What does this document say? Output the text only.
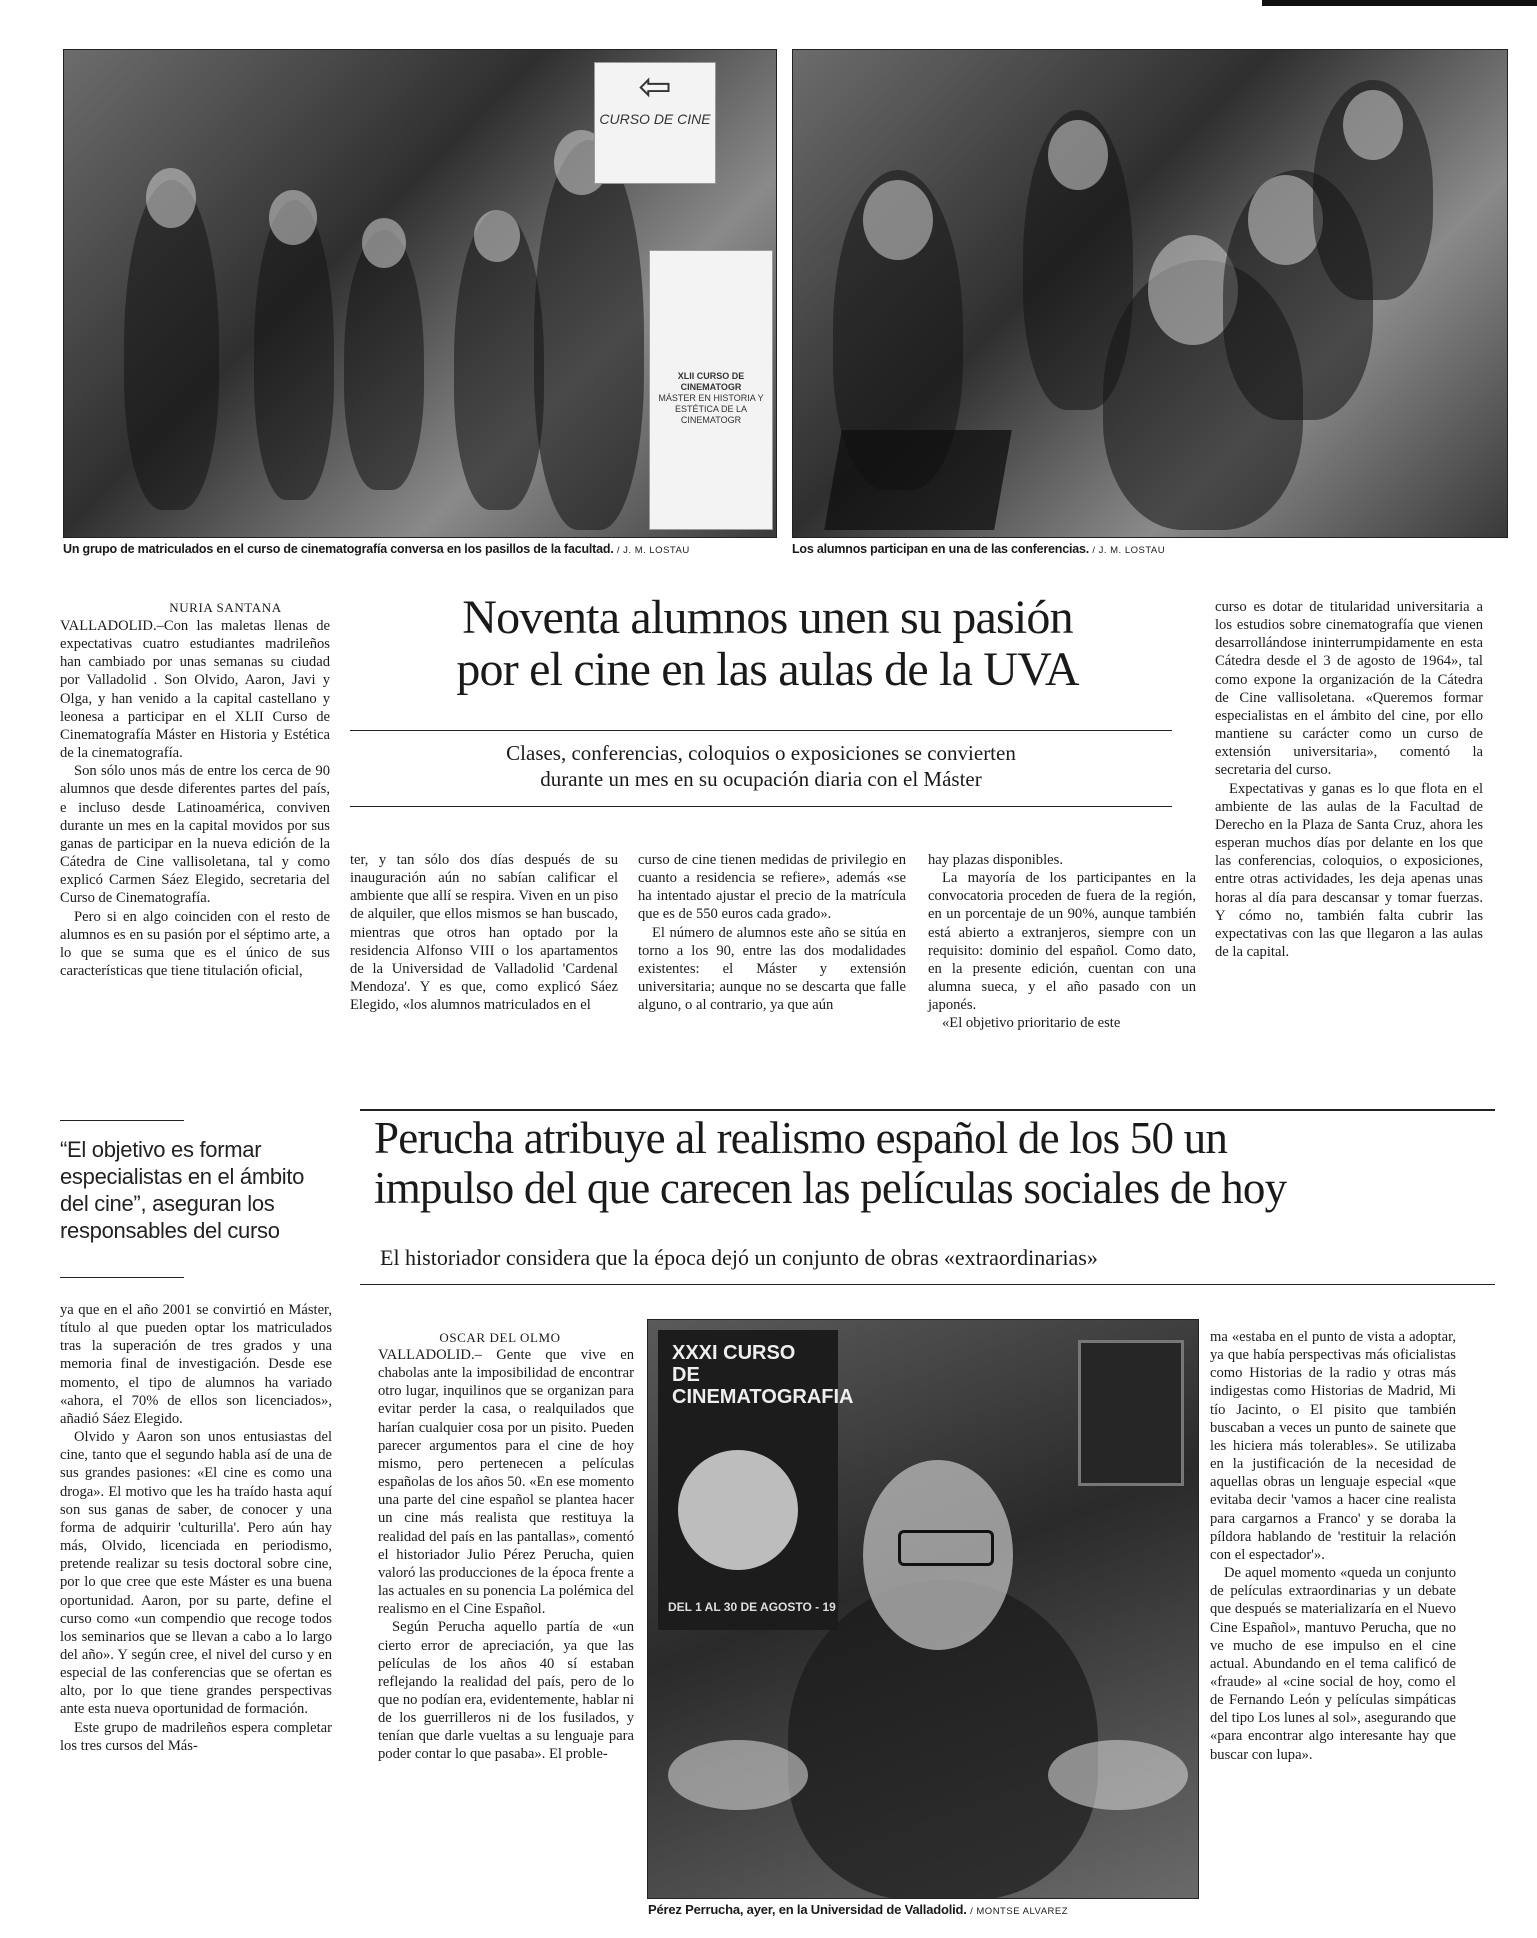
⇦
CURSO DE CINE
XLII CURSO DE CINEMATOGR
MÁSTER EN HISTORIA Y ESTÉTICA DE LA CINEMATOGR
Un grupo de matriculados en el curso de cinematografía conversa en los pasillos de la facultad. / J. M. LOSTAU	Los alumnos participan en una de las conferencias. / J. M. LOSTAU
NURIA SANTANA

VALLADOLID.–Con las maletas llenas de expectativas cuatro estudiantes madrileños han cambiado por unas semanas su ciudad por Valladolid . Son Olvido, Aaron, Javi y Olga, y han venido a la capital castellano y leonesa a participar en el XLII Curso de Cinematografía Máster en Historia y Estética de la cinematografía.

Son sólo unos más de entre los cerca de 90 alumnos que desde diferentes partes del país, e incluso desde Latinoamérica, conviven durante un mes en la capital movidos por sus ganas de participar en la nueva edición de la Cátedra de Cine vallisoletana, tal y como explicó Carmen Sáez Elegido, secretaria del Curso de Cinematografía.

Pero si en algo coinciden con el resto de alumnos es en su pasión por el séptimo arte, a lo que se suma que es el único de sus características que tiene titulación oficial,

Noventa alumnos unen su pasión
por el cine en las aulas de la UVA
Clases, conferencias, coloquios o exposiciones se convierten
durante un mes en su ocupación diaria con el Máster

ter, y tan sólo dos días después de su inauguración aún no sabían calificar el ambiente que allí se respira. Viven en un piso de alquiler, que ellos mismos se han buscado, mientras que otros han optado por la residencia Alfonso VIII o los apartamentos de la Universidad de Valladolid 'Cardenal Mendoza'. Y es que, como explicó Sáez Elegido, «los alumnos matriculados en el

curso de cine tienen medidas de privilegio en cuanto a residencia se refiere», además «se ha intentado ajustar el precio de la matrícula que es de 550 euros cada grado».

El número de alumnos este año se sitúa en torno a los 90, entre las dos modalidades existentes: el Máster y extensión universitaria; aunque no se descarta que falle alguno, o al contrario, ya que aún

hay plazas disponibles.

La mayoría de los participantes en la convocatoria proceden de fuera de la región, en un porcentaje de un 90%, aunque también está abierto a extranjeros, siempre con un requisito: dominio del español. Como dato, en la presente edición, cuentan con una alumna sueca, y el año pasado con un japonés.

«El objetivo prioritario de este

curso es dotar de titularidad universitaria a los estudios sobre cinematografía que vienen desarrollándose ininterrumpidamente en esta Cátedra desde el 3 de agosto de 1964», tal como expone la organización de la Cátedra de Cine vallisoletana. «Queremos formar especialistas en el ámbito del cine, por ello mantiene su carácter como un curso de extensión universitaria», comentó la secretaria del curso.

Expectativas y ganas es lo que flota en el ambiente de las aulas de la Facultad de Derecho en la Plaza de Santa Cruz, ahora les esperan muchos días por delante en los que las conferencias, coloquios, o exposiciones, entre otras actividades, les deja apenas unas horas al día para descansar y tomar fuerzas. Y cómo no, también falta cubrir las expectativas con las que llegaron a las aulas de la capital.

“El objetivo es formar especialistas en el ámbito del cine”, aseguran los responsables del curso

ya que en el año 2001 se convirtió en Máster, título al que pueden optar los matriculados tras la superación de tres grados y una memoria final de investigación. Desde ese momento, el tipo de alumnos ha variado «ahora, el 70% de ellos son licenciados», añadió Sáez Elegido.

Olvido y Aaron son unos entusiastas del cine, tanto que el segundo habla así de una de sus grandes pasiones: «El cine es como una droga». El motivo que les ha traído hasta aquí son sus ganas de saber, de conocer y una forma de adquirir 'culturilla'. Pero aún hay más, Olvido, licenciada en periodismo, pretende realizar su tesis doctoral sobre cine, por lo que cree que este Máster es una buena oportunidad. Aaron, por su parte, define el curso como «un compendio que recoge todos los seminarios que se llevan a cabo a lo largo del año». Y según cree, el nivel del curso y en especial de las conferencias que se ofertan es alto, por lo que tiene grandes perspectivas ante esta nueva oportunidad de formación.

Este grupo de madrileños espera completar los tres cursos del Más-

Perucha atribuye al realismo español de los 50 un
impulso del que carecen las películas sociales de hoy
El historiador considera que la época dejó un conjunto de obras «extraordinarias»
OSCAR DEL OLMO

VALLADOLID.– Gente que vive en chabolas ante la imposibilidad de encontrar otro lugar, inquilinos que se organizan para evitar perder la casa, o realquilados que harían cualquier cosa por un pisito. Pueden parecer argumentos para el cine de hoy mismo, pero pertenecen a películas españolas de los años 50. «En ese momento una parte del cine español se plantea hacer un cine más realista que restituya la realidad del país en las pantallas», comentó el historiador Julio Pérez Perucha, quien valoró las producciones de la época frente a las actuales en su ponencia La polémica del realismo en el Cine Español.

Según Perucha aquello partía de «un cierto error de apreciación, ya que las películas de los años 40 sí estaban reflejando la realidad del país, pero de lo que no podían era, evidentemente, hablar ni de los guerrilleros ni de los fusilados, y tenían que darle vueltas a su lenguaje para poder contar lo que pasaba». El proble-

XXXI CURSO DE CINEMATOGRAFIA
DEL 1 AL 30 DE AGOSTO - 19
Pérez Perrucha, ayer, en la Universidad de Valladolid. / MONTSE ALVAREZ

ma «estaba en el punto de vista a adoptar, ya que había perspectivas más oficialistas como Historias de la radio y otras más indigestas como Historias de Madrid, Mi tío Jacinto, o El pisito que también buscaban a veces un punto de sainete que les hiciera más tolerables». Se utilizaba en la justificación de la necesidad de aquellas obras un lenguaje especial «que evitaba decir 'vamos a hacer cine realista para cargarnos a Franco' y se doraba la píldora hablando de 'restituir la relación con el espectador'».

De aquel momento «queda un conjunto de películas extraordinarias y un debate que después se materializaría en el Nuevo Cine Español», mantuvo Perucha, que no ve mucho de ese impulso en el cine actual. Abundando en el tema calificó de «fraude» al «cine social de hoy, como el de Fernando León y películas simpáticas del tipo Los lunes al sol», asegurando que «para encontrar algo interesante hay que buscar con lupa».
